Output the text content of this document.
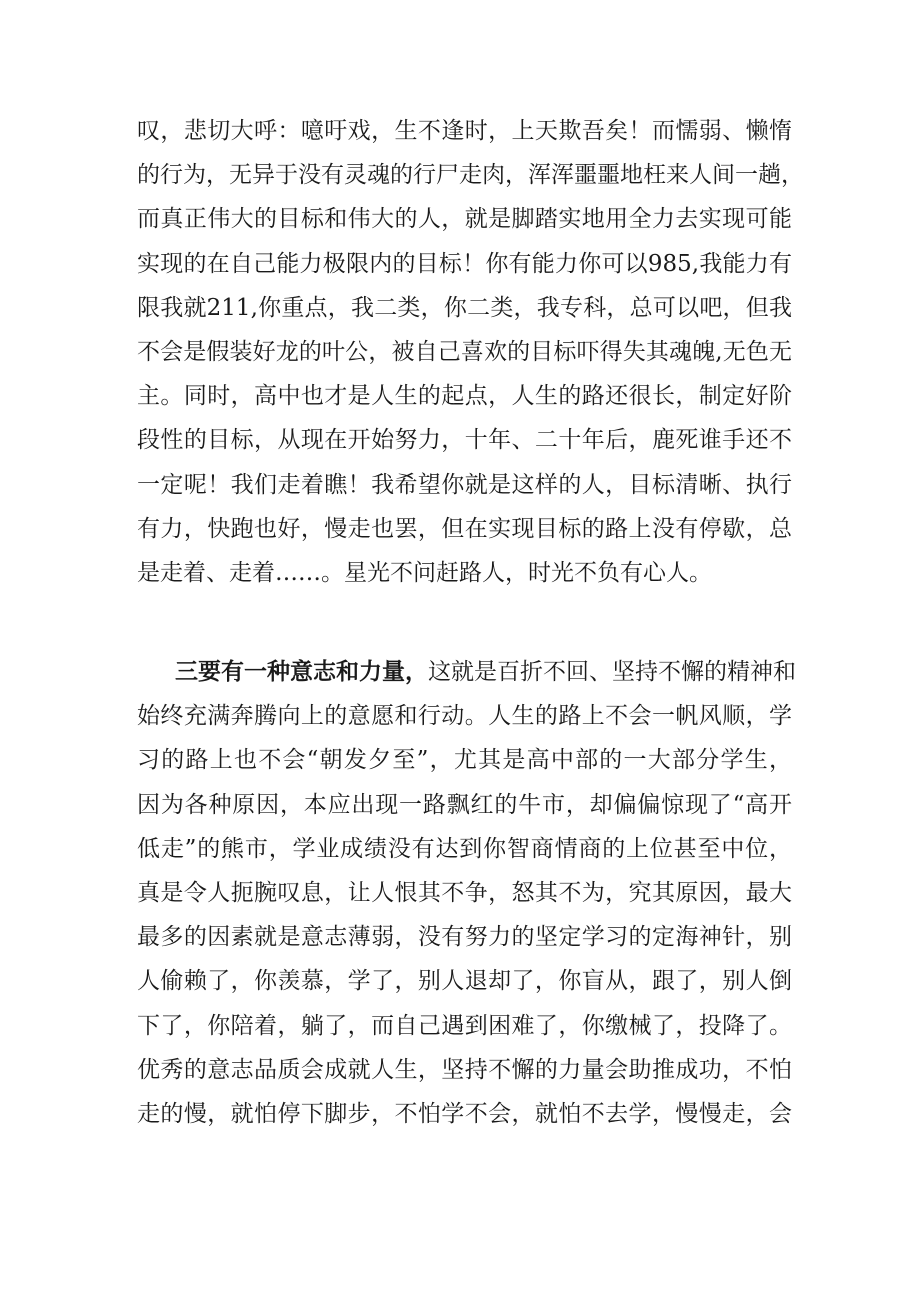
叹，悲切大呼：噫吁戏，生不逢时，上天欺吾矣！而懦弱、懒惰
的行为，无异于没有灵魂的行尸走肉，浑浑噩噩地枉来人间一趟，
而真正伟大的目标和伟大的人，就是脚踏实地用全力去实现可能
实现的在自己能力极限内的目标！你有能力你可以985,我能力有
限我就211,你重点，我二类，你二类，我专科，总可以吧，但我
不会是假装好龙的叶公，被自己喜欢的目标吓得失其魂魄,无色无
主。同时，高中也才是人生的起点，人生的路还很长，制定好阶
段性的目标，从现在开始努力，十年、二十年后，鹿死谁手还不
一定呢！我们走着瞧！我希望你就是这样的人，目标清晰、执行
有力，快跑也好，慢走也罢，但在实现目标的路上没有停歇，总
是走着、走着……。星光不问赶路人，时光不负有心人。
三要有一种意志和力量，这就是百折不回、坚持不懈的精神和
始终充满奔腾向上的意愿和行动。人生的路上不会一帆风顺，学
习的路上也不会“朝发夕至”，尤其是高中部的一大部分学生，
因为各种原因，本应出现一路飘红的牛市，却偏偏惊现了“高开
低走”的熊市，学业成绩没有达到你智商情商的上位甚至中位，
真是令人扼腕叹息，让人恨其不争，怒其不为，究其原因，最大
最多的因素就是意志薄弱，没有努力的坚定学习的定海神针，别
人偷赖了，你羡慕，学了，别人退却了，你盲从，跟了，别人倒
下了，你陪着，躺了，而自己遇到困难了，你缴械了，投降了。
优秀的意志品质会成就人生，坚持不懈的力量会助推成功，不怕
走的慢，就怕停下脚步，不怕学不会，就怕不去学，慢慢走，会
